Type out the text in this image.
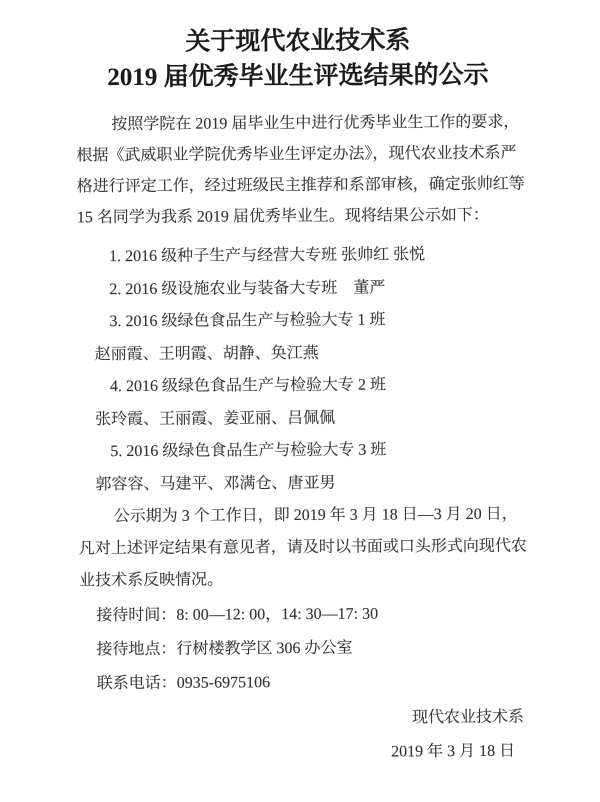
关于现代农业技术系
2019 届优秀毕业生评选结果的公示

按照学院在 2019 届毕业生中进行优秀毕业生工作的要求，

根据《武威职业学院优秀毕业生评定办法》，现代农业技术系严

格进行评定工作，经过班级民主推荐和系部审核，确定张帅红等

15 名同学为我系 2019 届优秀毕业生。现将结果公示如下：

1. 2016 级种子生产与经营大专班 张帅红 张悦

2. 2016 级设施农业与装备大专班　董严

3. 2016 级绿色食品生产与检验大专 1 班

赵丽霞、王明霞、胡静、奂江燕

4. 2016 级绿色食品生产与检验大专 2 班

张玲霞、王丽霞、姜亚丽、吕佩佩

5. 2016 级绿色食品生产与检验大专 3 班

郭容容、马建平、邓满仓、唐亚男

公示期为 3 个工作日，即 2019 年 3 月 18 日—3 月 20 日，

凡对上述评定结果有意见者，请及时以书面或口头形式向现代农

业技术系反映情况。

接待时间：8: 00—12: 00，14: 30—17: 30

接待地点：行树楼教学区 306 办公室

联系电话：0935-6975106

现代农业技术系

2019 年 3 月 18 日
